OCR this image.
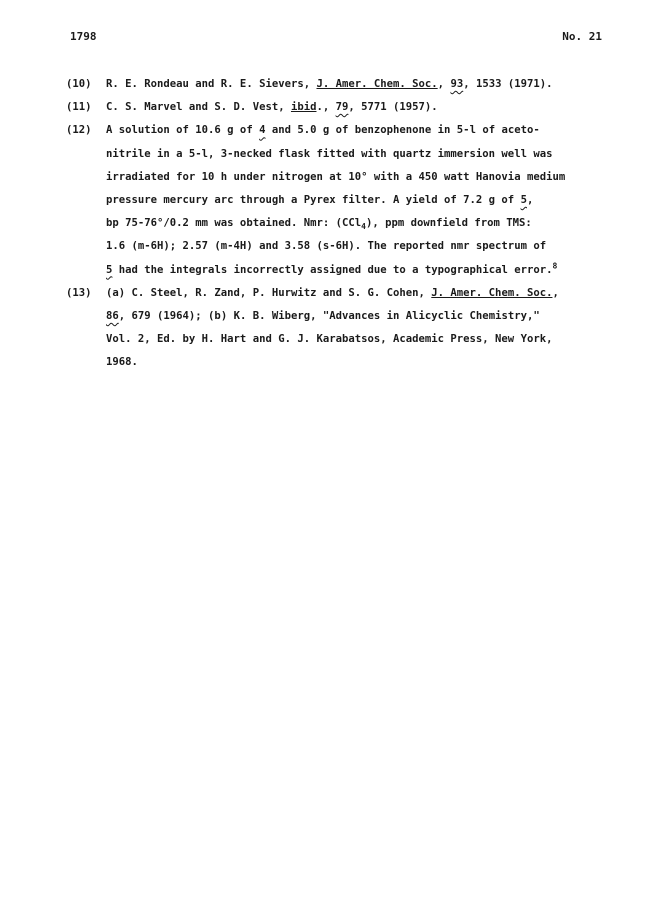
1798	No. 21
(10)	R. E. Rondeau and R. E. Sievers, J. Amer. Chem. Soc., 93, 1533 (1971).
(11)	C. S. Marvel and S. D. Vest, ibid., 79, 5771 (1957).
(12)	A solution of 10.6 g of 4 and 5.0 g of benzophenone in 5-l of aceto-
nitrile in a 5-l, 3-necked flask fitted with quartz immersion well was
irradiated for 10 h under nitrogen at 10° with a 450 watt Hanovia medium
pressure mercury arc through a Pyrex filter. A yield of 7.2 g of 5,
bp 75-76°/0.2 mm was obtained. Nmr: (CCl$_4$), ppm downfield from TMS:
1.6 (m-6H); 2.57 (m-4H) and 3.58 (s-6H). The reported nmr spectrum of
5 had the integrals incorrectly assigned due to a typographical error.$^8$
(13)	(a) C. Steel, R. Zand, P. Hurwitz and S. G. Cohen, J. Amer. Chem. Soc.,
86, 679 (1964); (b) K. B. Wiberg, "Advances in Alicyclic Chemistry,"
Vol. 2, Ed. by H. Hart and G. J. Karabatsos, Academic Press, New York,
1968.
